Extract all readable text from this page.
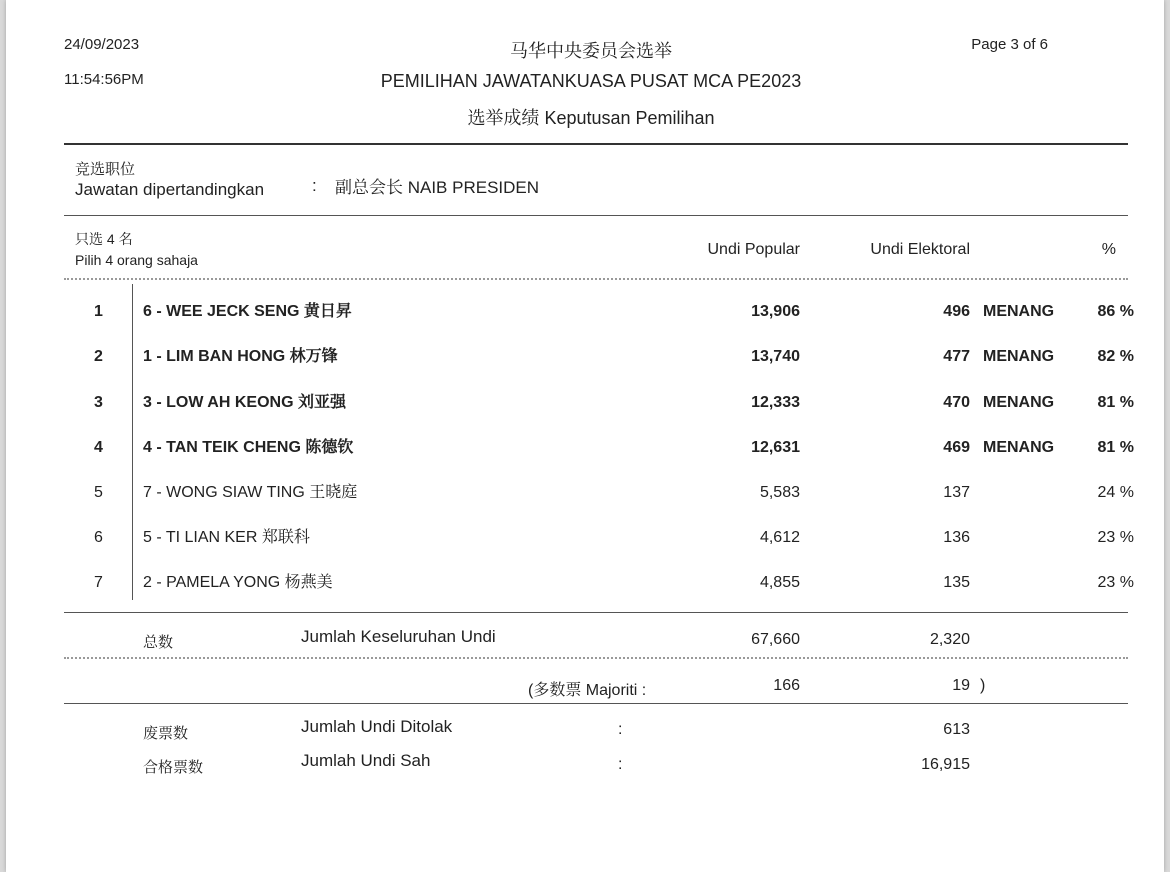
24/09/2023
11:54:56PM
Page 3 of 6
马华中央委员会选举
PEMILIHAN JAWATANKUASA PUSAT MCA PE2023
选举成绩 Keputusan Pemilihan
竞选职位
Jawatan dipertandingkan	: 副总会长 NAIB PRESIDEN
只选 4 名
Pilih 4 orang sahaja
Undi Popular	Undi Elektoral	%
1	6 - WEE JECK SENG 黄日昇	13,906	496 MENANG	86 %
2	1 - LIM BAN HONG 林万锋	13,740	477 MENANG	82 %
3	3 - LOW AH KEONG 刘亚强	12,333	470 MENANG	81 %
4	4 - TAN TEIK CHENG 陈德钦	12,631	469 MENANG	81 %
5	7 - WONG SIAW TING 王晓庭	5,583	137	24 %
6	5 - TI LIAN KER 郑联科	4,612	136	23 %
7	2 - PAMELA YONG 杨燕美	4,855	135	23 %
总数	Jumlah Keseluruhan Undi	67,660	2,320
(多数票 Majoriti :	166	19 )
废票数	Jumlah Undi Ditolak	:	613
合格票数	Jumlah Undi Sah	:	16,915
